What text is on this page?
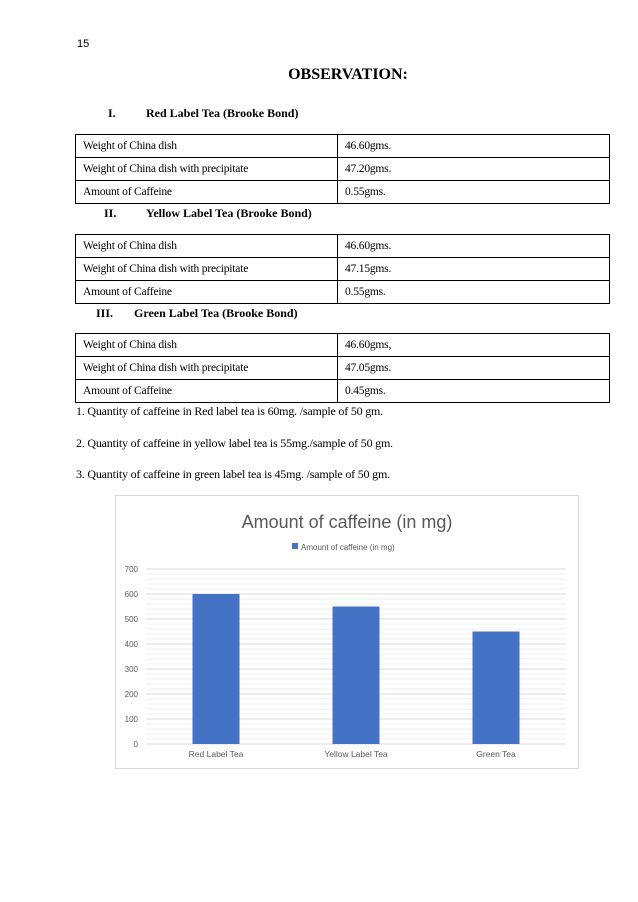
15
OBSERVATION:
I.	Red Label Tea (Brooke Bond)
Weight of China dish	46.60gms.
Weight of China dish with precipitate	47.20gms.
Amount of Caffeine	0.55gms.
II. Yellow Label Tea (Brooke Bond)
Weight of China dish	46.60gms.
Weight of China dish with precipitate	47.15gms.
Amount of Caffeine	0.55gms.
III. Green Label Tea (Brooke Bond)
Weight of China dish	46.60gms,
Weight of China dish with precipitate	47.05gms.
Amount of Caffeine	0.45gms.
1. Quantity of caffeine in Red label tea is 60mg. /sample of 50 gm.
2. Quantity of caffeine in yellow label tea is 55mg./sample of 50 gm.
3. Quantity of caffeine in green label tea is 45mg. /sample of 50 gm.
Amount of caffeine (in mg)
Amount of caffeine (in mg)
0
100
200
300
400
500
600
700
Red Label Tea	Yellow Label Tea	Green Tea
